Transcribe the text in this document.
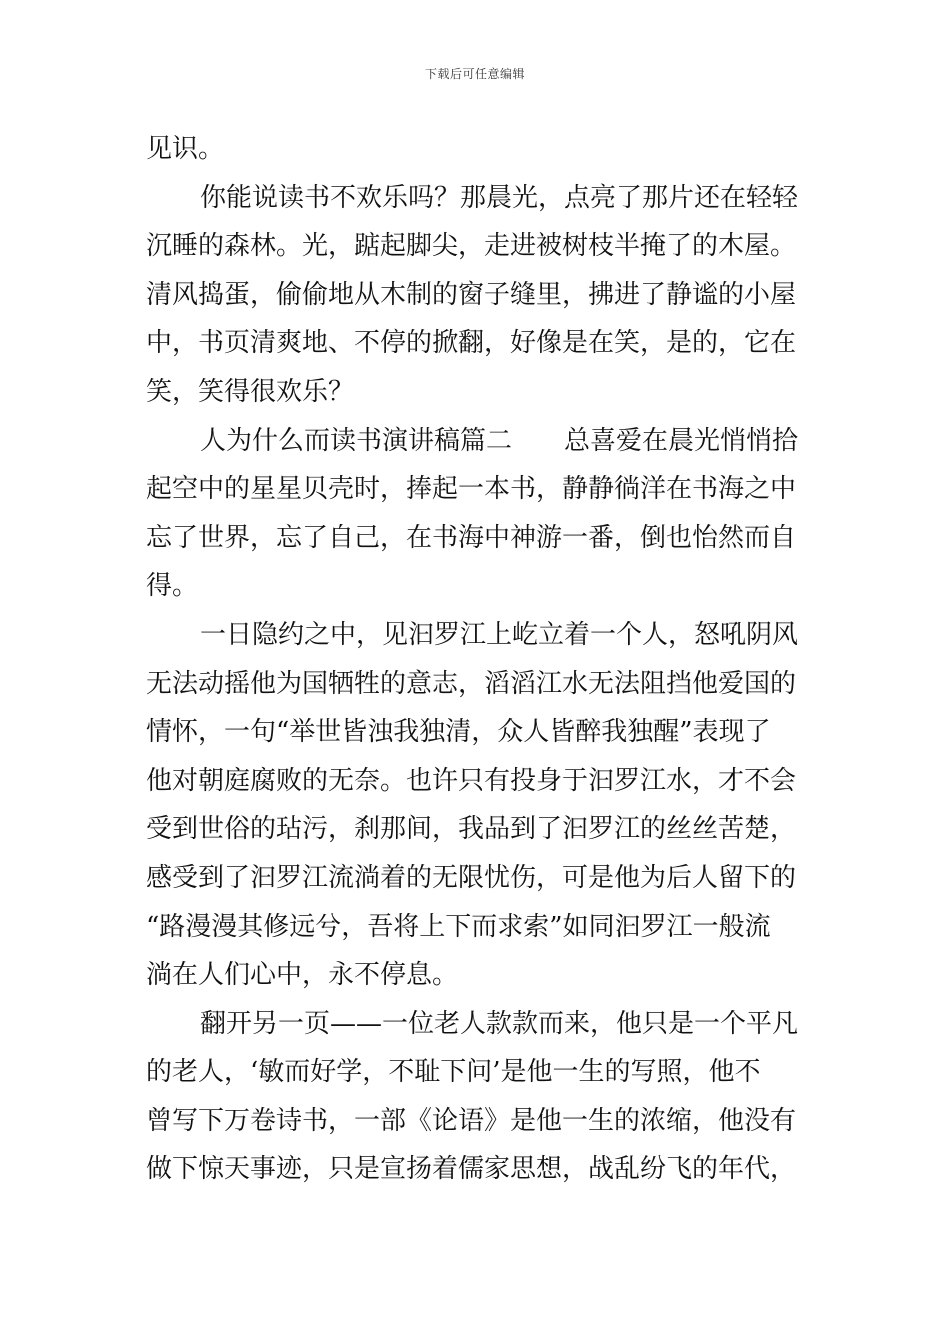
下载后可任意编辑
见识。
你能说读书不欢乐吗？那晨光，点亮了那片还在轻轻
沉睡的森林。光，踮起脚尖，走进被树枝半掩了的木屋。
清风捣蛋，偷偷地从木制的窗子缝里，拂进了静谧的小屋
中，书页清爽地、不停的掀翻，好像是在笑，是的，它在
笑，笑得很欢乐？
人为什么而读书演讲稿篇二 总喜爱在晨光悄悄拾
起空中的星星贝壳时，捧起一本书，静静徜洋在书海之中
忘了世界，忘了自己，在书海中神游一番，倒也怡然而自
得。
一日隐约之中，见汩罗江上屹立着一个人，怒吼阴风
无法动摇他为国牺牲的意志，滔滔江水无法阻挡他爱国的
情怀，一句“举世皆浊我独清，众人皆醉我独醒”表现了
他对朝庭腐败的无奈。也许只有投身于汩罗江水，才不会
受到世俗的玷污，刹那间，我品到了汩罗江的丝丝苦楚，
感受到了汩罗江流淌着的无限忧伤，可是他为后人留下的
“路漫漫其修远兮，吾将上下而求索”如同汩罗江一般流
淌在人们心中，永不停息。
翻开另一页——一位老人款款而来，他只是一个平凡
的老人，‘敏而好学，不耻下问’是他一生的写照，他不
曾写下万卷诗书，一部《论语》是他一生的浓缩，他没有
做下惊天事迹，只是宣扬着儒家思想，战乱纷飞的年代，
